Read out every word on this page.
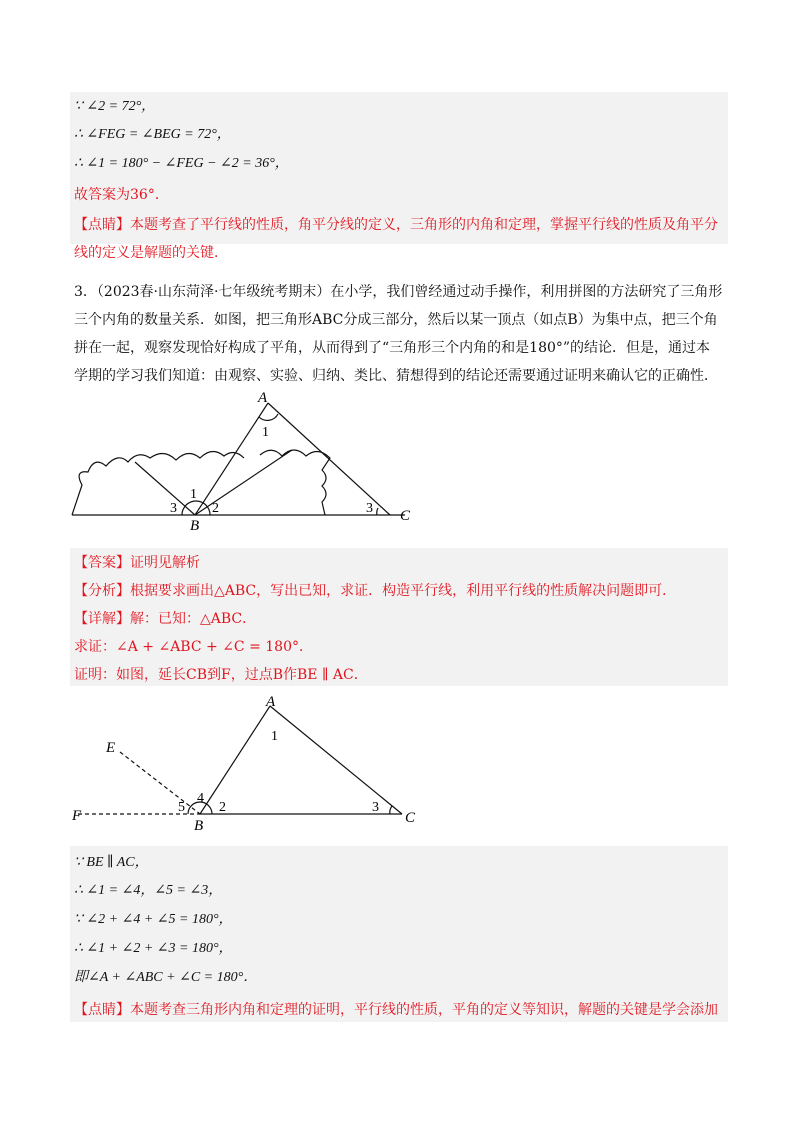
∵ ∠2 = 72°，
∴ ∠FEG = ∠BEG = 72°，
∴ ∠1 = 180° − ∠FEG − ∠2 = 36°，
故答案为36°．
【点睛】本题考查了平行线的性质，角平分线的定义，三角形的内角和定理，掌握平行线的性质及角平分
线的定义是解题的关键．
3．（2023春·山东菏泽·七年级统考期末）在小学，我们曾经通过动手操作，利用拼图的方法研究了三角形
三个内角的数量关系．如图，把三角形ABC分成三部分，然后以某一顶点（如点B）为集中点，把三个角
拼在一起，观察发现恰好构成了平角，从而得到了“三角形三个内角的和是180°”的结论．但是，通过本
学期的学习我们知道：由观察、实验、归纳、类比、猜想得到的结论还需要通过证明来确认它的正确性．
A
B
C
1
1
2
3	3
【答案】证明见解析
【分析】根据要求画出△ABC，写出已知，求证．构造平行线，利用平行线的性质解决问题即可．
【详解】解：已知：△ABC．
求证：∠A + ∠ABC + ∠C = 180°．
证明：如图，延长CB到F，过点B作BE ∥ AC．
A
B	C
E
F
1
2	3
4
5
∵ BE ∥ AC，
∴ ∠1 = ∠4，∠5 = ∠3，
∵ ∠2 + ∠4 + ∠5 = 180°，
∴ ∠1 + ∠2 + ∠3 = 180°，
即∠A + ∠ABC + ∠C = 180°．
【点睛】本题考查三角形内角和定理的证明，平行线的性质，平角的定义等知识，解题的关键是学会添加
